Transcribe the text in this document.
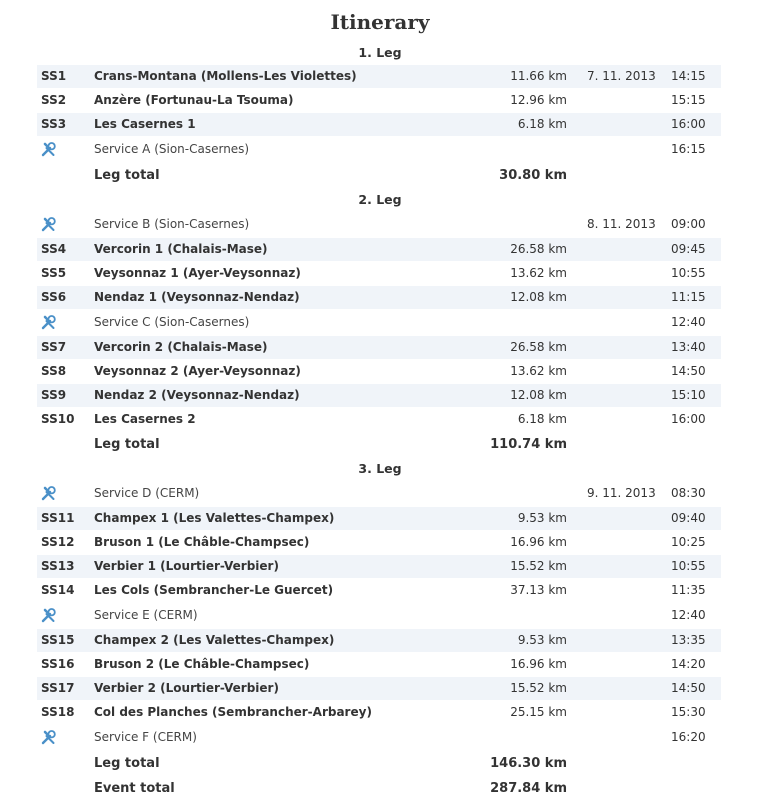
Itinerary
1. Leg
SS1 Crans-Montana (Mollens-Les Violettes)	11.66 km 7. 11. 2013 14:15
SS2 Anzère (Fortunau-La Tsouma)	12.96 km	15:15
SS3 Les Casernes 1	6.18 km	16:00
Service A (Sion-Casernes)	16:15
Leg total	30.80 km
2. Leg
Service B (Sion-Casernes)	8. 11. 2013 09:00
SS4 Vercorin 1 (Chalais-Mase)	26.58 km	09:45
SS5 Veysonnaz 1 (Ayer-Veysonnaz)	13.62 km	10:55
SS6 Nendaz 1 (Veysonnaz-Nendaz)	12.08 km	11:15
Service C (Sion-Casernes)	12:40
SS7 Vercorin 2 (Chalais-Mase)	26.58 km	13:40
SS8 Veysonnaz 2 (Ayer-Veysonnaz)	13.62 km	14:50
SS9 Nendaz 2 (Veysonnaz-Nendaz)	12.08 km	15:10
SS10 Les Casernes 2	6.18 km	16:00
Leg total	110.74 km
3. Leg
Service D (CERM)	9. 11. 2013 08:30
SS11 Champex 1 (Les Valettes-Champex)	9.53 km	09:40
SS12 Bruson 1 (Le Châble-Champsec)	16.96 km	10:25
SS13 Verbier 1 (Lourtier-Verbier)	15.52 km	10:55
SS14 Les Cols (Sembrancher-Le Guercet)	37.13 km	11:35
Service E (CERM)	12:40
SS15 Champex 2 (Les Valettes-Champex)	9.53 km	13:35
SS16 Bruson 2 (Le Châble-Champsec)	16.96 km	14:20
SS17 Verbier 2 (Lourtier-Verbier)	15.52 km	14:50
SS18 Col des Planches (Sembrancher-Arbarey)	25.15 km	15:30
Service F (CERM)	16:20
Leg total	146.30 km
Event total	287.84 km
